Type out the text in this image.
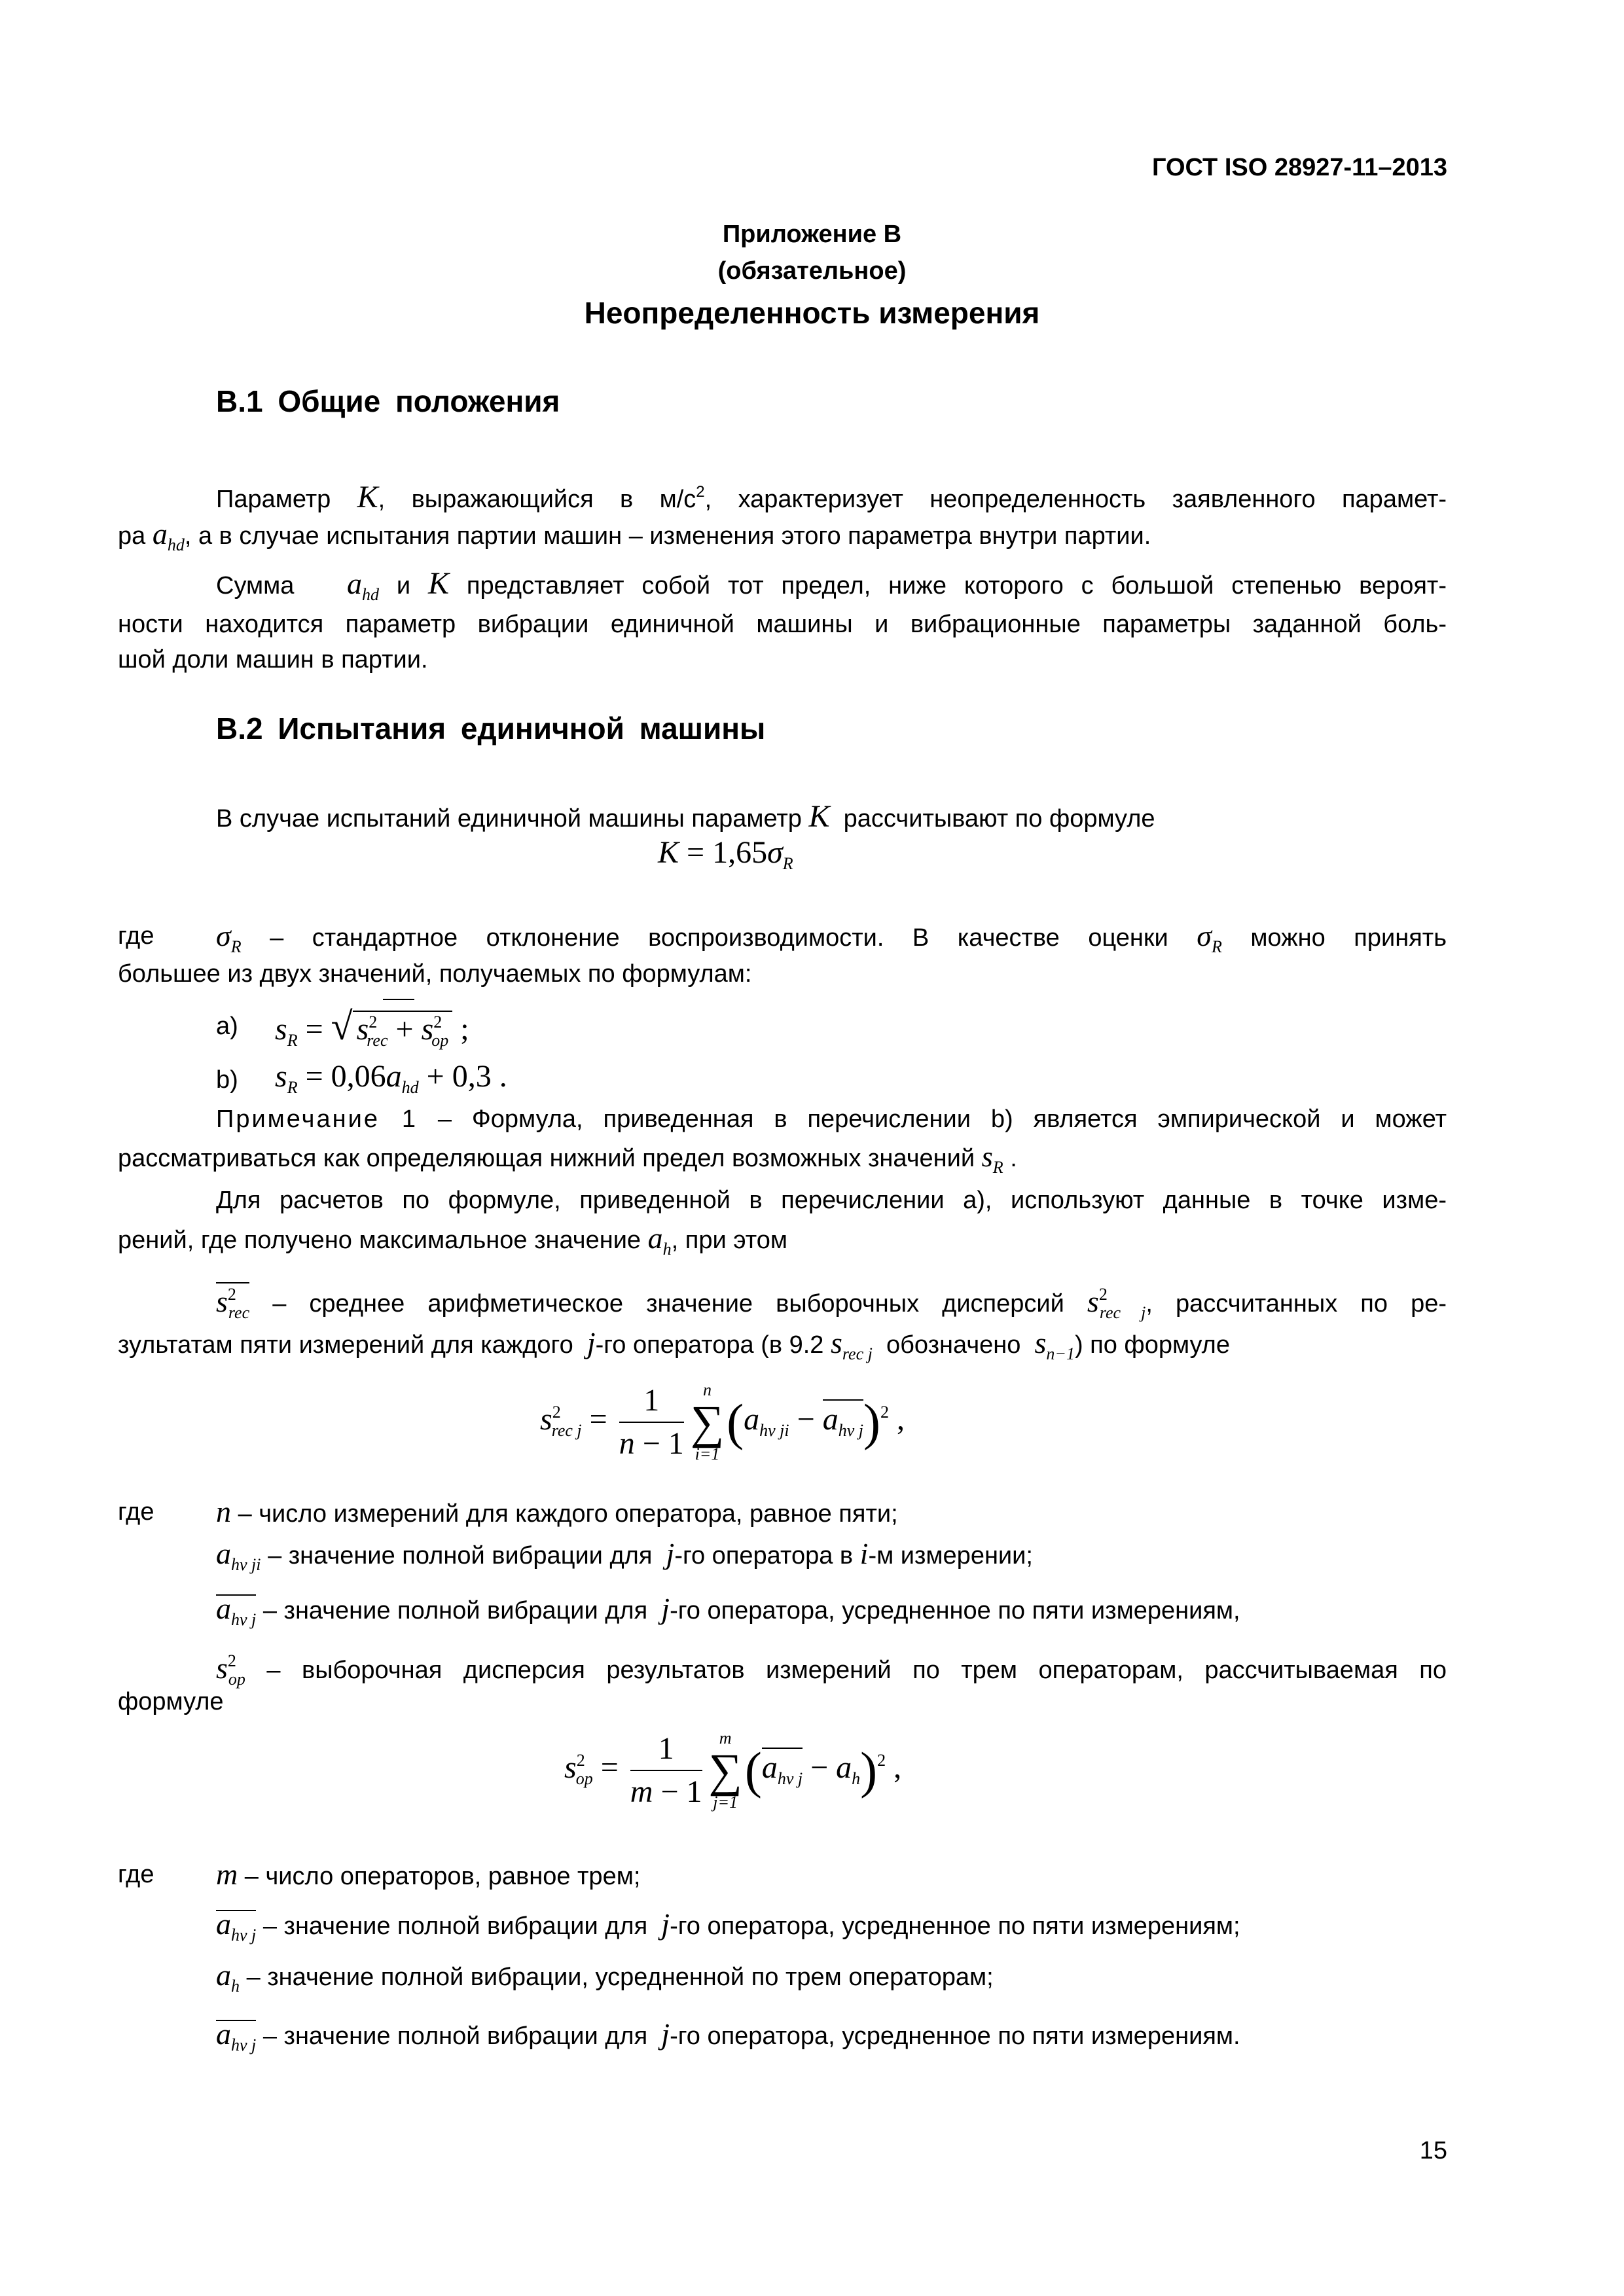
ГОСТ ISO 28927-11–2013
Приложение В
(обязательное)
Неопределенность измерения
В.1 Общие положения
Параметр K, выражающийся в $м/с^2$, характеризует неопределенность заявленного парамет-
ра $a_{hd}$, а в случае испытания партии машин – изменения этого параметра внутри партии.
Сумма $a_{hd}$ и K представляет собой тот предел, ниже которого с большой степенью вероят-
ности находится параметр вибрации единичной машины и вибрационные параметры заданной боль-
шой доли машин в партии.
В.2 Испытания единичной машины
В случае испытаний единичной машины параметр K рассчитывают по формуле
$K = 1,65\sigma_R$
где $\sigma_R$ – стандартное отклонение воспроизводимости. В качестве оценки $\sigma_R$ можно принять
большее из двух значений, получаемых по формулам:
а) $s_R$ = √ $s^2_{rec} + s^2_{op}$ ;
b) $s_R = 0,06a_{hd} + 0,3$ .
Примечание 1 – Формула, приведенная в перечислении b) является эмпирической и может
рассматриваться как определяющая нижний предел возможных значений $s_R$ .
Для расчетов по формуле, приведенной в перечислении а), используют данные в точке изме-
рений, где получено максимальное значение $a_h$, при этом
$s^2_{rec}$ – среднее арифметическое значение выборочных дисперсий $s^2_{rec j}$, рассчитанных по ре-
зультатам пяти измерений для каждого j-го оператора (в 9.2 $s_{rec j}$ обозначено $s_{n-1}$) по формуле
$s^2_{rec j} = \frac{1}{n - 1}$	n
∑
i=1
$(a_{hv ji} - a_{hv j})^2$ ,
где n – число измерений для каждого оператора, равное пяти;
$a_{hv ji}$ – значение полной вибрации для j-го оператора в i-м измерении;
$a_{hv j}$ – значение полной вибрации для j-го оператора, усредненное по пяти измерениям,
$s^2_{op}$ – выборочная дисперсия результатов измерений по трем операторам, рассчитываемая по
формуле
$s^2_{op} = \frac{1}{m - 1}$	m
∑
j=1
$(a_{hv j} - a_h)^2$ ,
где m – число операторов, равное трем;
$a_{hv j}$ – значение полной вибрации для j-го оператора, усредненное по пяти измерениям;
$a_h$ – значение полной вибрации, усредненной по трем операторам;
$a_{hv j}$ – значение полной вибрации для j-го оператора, усредненное по пяти измерениям.
15
